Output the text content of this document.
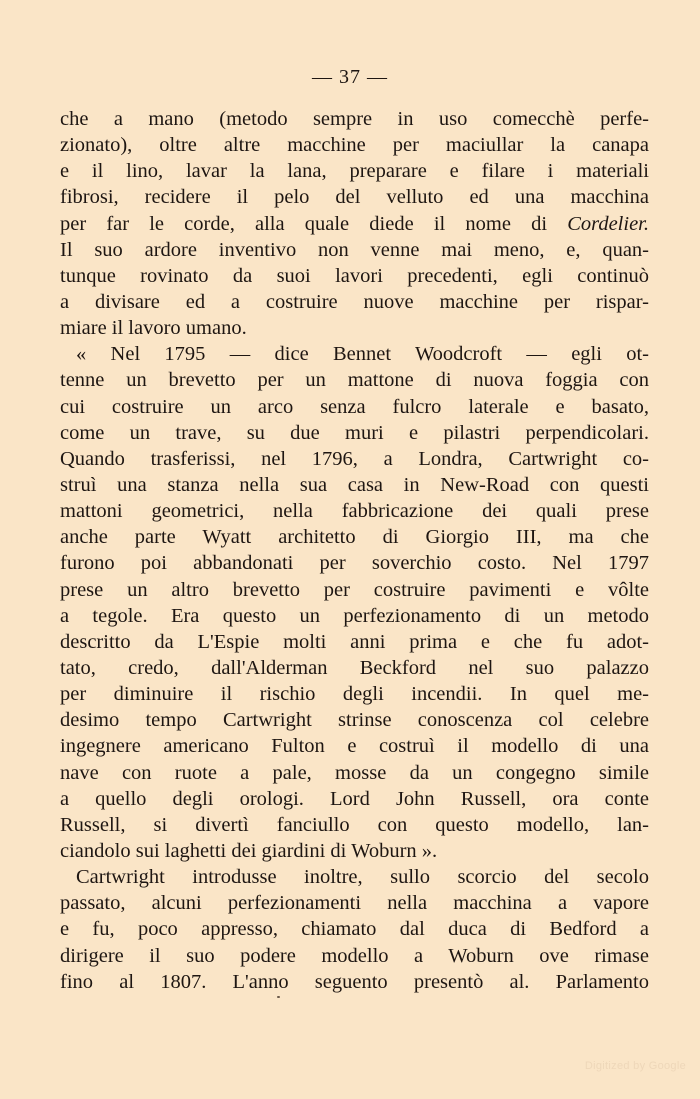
— 37 —
che a mano (metodo sempre in uso comecchè perfe-
zionato), oltre altre macchine per maciullar la canapa
e il lino, lavar la lana, preparare e filare i materiali
fibrosi, recidere il pelo del velluto ed una macchina
per far le corde, alla quale diede il nome di Cordelier.
Il suo ardore inventivo non venne mai meno, e, quan-
tunque rovinato da suoi lavori precedenti, egli continuò
a divisare ed a costruire nuove macchine per rispar-
miare il lavoro umano.
« Nel 1795 — dice Bennet Woodcroft — egli ot-
tenne un brevetto per un mattone di nuova foggia con
cui costruire un arco senza fulcro laterale e basato,
come un trave, su due muri e pilastri perpendicolari.
Quando trasferissi, nel 1796, a Londra, Cartwright co-
struì una stanza nella sua casa in New-Road con questi
mattoni geometrici, nella fabbricazione dei quali prese
anche parte Wyatt architetto di Giorgio III, ma che
furono poi abbandonati per soverchio costo. Nel 1797
prese un altro brevetto per costruire pavimenti e vôlte
a tegole. Era questo un perfezionamento di un metodo
descritto da L'Espie molti anni prima e che fu adot-
tato, credo, dall'Alderman Beckford nel suo palazzo
per diminuire il rischio degli incendii. In quel me-
desimo tempo Cartwright strinse conoscenza col celebre
ingegnere americano Fulton e costruì il modello di una
nave con ruote a pale, mosse da un congegno simile
a quello degli orologi. Lord John Russell, ora conte
Russell, si divertì fanciullo con questo modello, lan-
ciandolo sui laghetti dei giardini di Woburn ».
Cartwright introdusse inoltre, sullo scorcio del secolo
passato, alcuni perfezionamenti nella macchina a vapore
e fu, poco appresso, chiamato dal duca di Bedford a
dirigere il suo podere modello a Woburn ove rimase
fino al 1807. L'anno seguento presentò al. Parlamento
Digitized by Google
